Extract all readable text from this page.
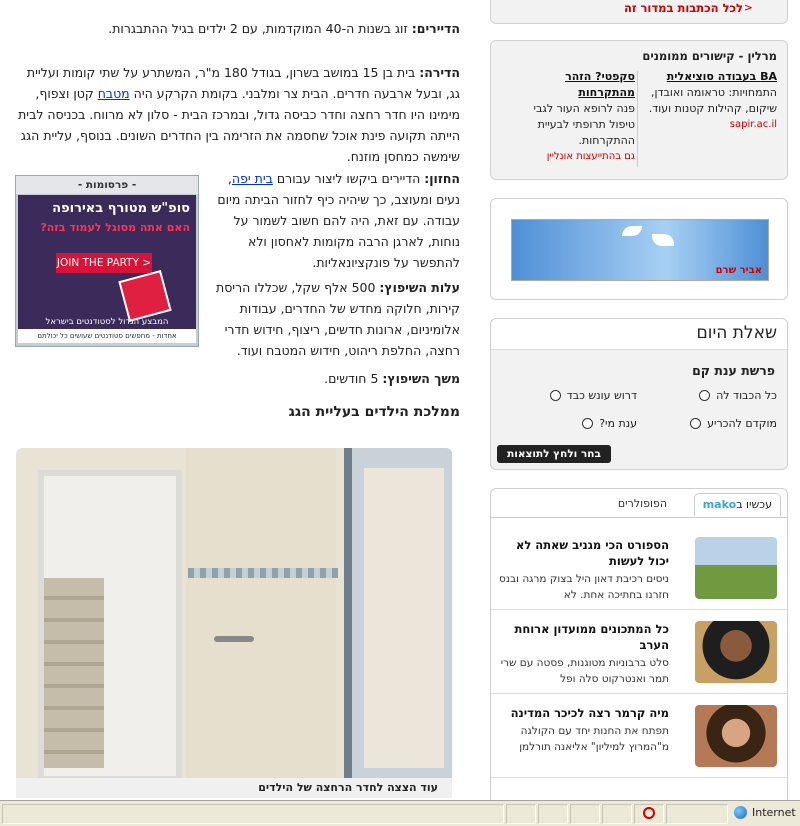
הדיירים: זוג בשנות ה-40 המוקדמות, עם 2 ילדים בגיל ההתבגרות.

הדירה: בית בן 15 במושב בשרון, בגודל 180 מ"ר, המשתרע על שתי קומות ועליית גג, ובעל ארבעה חדרים. הבית צר ומלבני. בקומת הקרקע היה מטבח קטן וצפוף, מימינו היו חדר רחצה וחדר כביסה גדול, ובמרכז הבית - סלון לא מרווח. בכניסה לבית הייתה תקועה פינת אוכל שחסמה את הזרימה בין החדרים השונים. בנוסף, עליית הגג שימשה כמחסן מוזנח.

החזון: הדיירים ביקשו ליצור עבורם בית יפה, נעים ומעוצב, כך שיהיה כיף לחזור הביתה מיום עבודה. עם זאת, היה להם חשוב לשמור על נוחות, לארגן הרבה מקומות לאחסון ולא להתפשר על פונקציונאליות.

עלות השיפוץ: 500 אלף שקל, שכללו הריסת קירות, חלוקה מחדש של החדרים, עבודות אלומיניום, ארונות חדשים, ריצוף, חידוש חדרי רחצה, החלפת ריהוט, חידוש המטבח ועוד.

משך השיפוץ: 5 חודשים.

ממלכת הילדים בעליית הגג
- פרסומות -
סופ"ש מטורף באירופה
האם אתה מסוגל לעמוד בזה?
JOIN THE PARTY >
המבצע הגדול לסטודנטים בישראל
אחדות - מחפשים סטודנטים שעושים כל יכולתם
עוד הצצה לחדר הרחצה של הילדים
לכל הכתבות במדור זה >
מרלין - קישורים ממומנים
BA בעבודה סוציאלית
התמחויות: טראומה ואובדן, שיקום, קהילות קטנות ועוד.
sapir.ac.il
סקפטי? הזהר מהתקרחות
פנה לרופא העור לגבי טיפול תרופתי לבעיית ההתקרחות.
גם בהתייעצות אונליין
אביר שרם
שאלת היום
פרשת ענת קם
כל הכבוד לה
דרוש עונש כבד
מוקדם להכריע
ענת מי?
בחר ולחץ לתוצאות
עכשיו בmako
הפופולרים
הספורט הכי מגניב שאתה לא יכול לעשות
ניסים רכיבת דאון היל בצוק מרגה ובנס חזרנו בחתיכה אחת. לא
כל המתכונים ממועדון ארוחת הערב
סלט ברבוניות מטוגנות, פסטה עם שרי תמר ואנטרקוט סלה ופל
מיה קרמר רצה לכיכר המדינה
תפתח את החנות יחד עם הקולגה מ"המרוץ למיליון" אליאנה תורלמן
Internet
